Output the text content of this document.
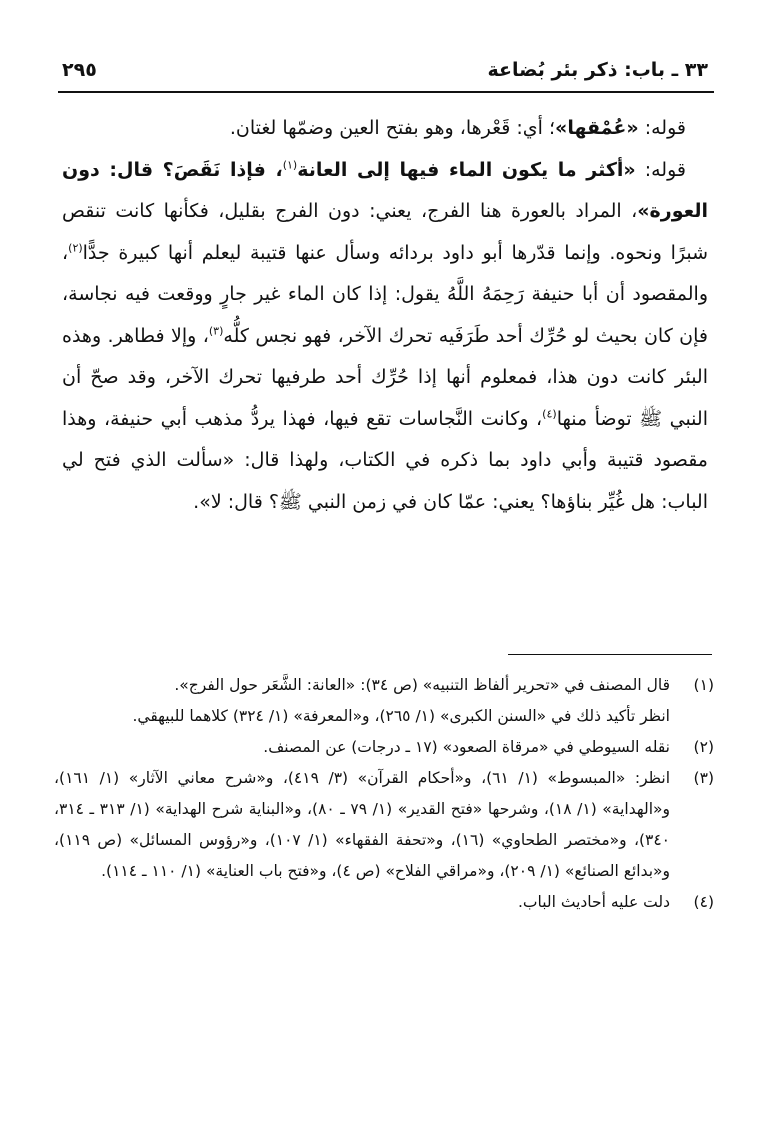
٣٣ ـ باب: ذكر بئر بُضاعة
٢٩٥

قوله: «عُمْقها»؛ أي: قَعْرها، وهو بفتح العين وضمّها لغتان.

قوله: «أكثر ما يكون الماء فيها إلى العانة$^{(١)}$، فإذا نَقَصَ؟ قال: دون العورة»، المراد بالعورة هنا الفرج، يعني: دون الفرج بقليل، فكأنها كانت تنقص شبرًا ونحوه. وإنما قدّرها أبو داود بردائه وسأل عنها قتيبة ليعلم أنها كبيرة جدًّا$^{(٢)}$، والمقصود أن أبا حنيفة رَحِمَهُ اللَّهُ يقول: إذا كان الماء غير جارٍ ووقعت فيه نجاسة، فإن كان بحيث لو حُرِّك أحد طَرَفَيه تحرك الآخر، فهو نجس كلُّه$^{(٣)}$، وإلا فطاهر. وهذه البئر كانت دون هذا، فمعلوم أنها إذا حُرِّك أحد طرفيها تحرك الآخر، وقد صحّ أن النبي ﷺ توضأ منها$^{(٤)}$، وكانت النَّجاسات تقع فيها، فهذا يردُّ مذهب أبي حنيفة، وهذا مقصود قتيبة وأبي داود بما ذكره في الكتاب، ولهذا قال: «سألت الذي فتح لي الباب: هل غُيِّر بناؤها؟ يعني: عمّا كان في زمن النبي ﷺ؟ قال: لا».

(١)
قال المصنف في «تحرير ألفاظ التنبيه» (ص ٣٤): «العانة: الشَّعَر حول الفرج».
انظر تأكيد ذلك في «السنن الكبرى» (١/ ٢٦٥)، و«المعرفة» (١/ ٣٢٤) كلاهما للبيهقي.
(٢)
نقله السيوطي في «مرقاة الصعود» (١٧ ـ درجات) عن المصنف.
(٣)
انظر: «المبسوط» (١/ ٦١)، و«أحكام القرآن» (٣/ ٤١٩)، و«شرح معاني الآثار» (١/ ١٦١)، و«الهداية» (١/ ١٨)، وشرحها «فتح القدير» (١/ ٧٩ ـ ٨٠)، و«البناية شرح الهداية» (١/ ٣١٣ ـ ٣١٤، ٣٤٠)، و«مختصر الطحاوي» (١٦)، و«تحفة الفقهاء» (١/ ١٠٧)، و«رؤوس المسائل» (ص ١١٩)، و«بدائع الصنائع» (١/ ٢٠٩)، و«مراقي الفلاح» (ص ٤)، و«فتح باب العناية» (١/ ١١٠ ـ ١١٤).
(٤)
دلت عليه أحاديث الباب.
